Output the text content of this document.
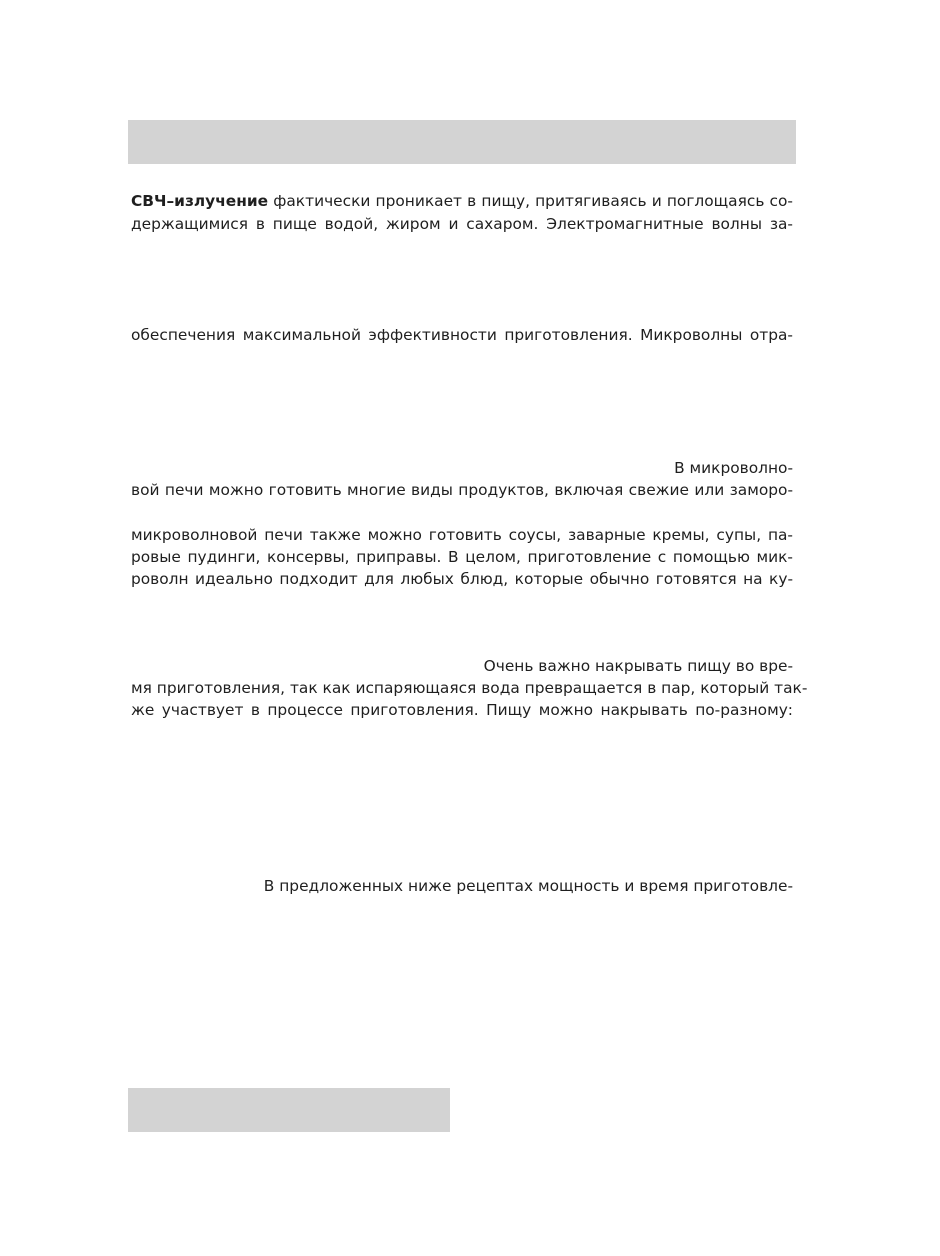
СВЧ–излучение фактически проникает в пищу, притягиваясь и поглощаясь со-
держащимися в пище водой, жиром и сахаром. Электромагнитные волны за-
обеспечения максимальной эффективности приготовления. Микроволны отра-
В микроволно-
вой печи можно готовить многие виды продуктов, включая свежие или заморо-
микроволновой печи также можно готовить соусы, заварные кремы, супы, па-
ровые пудинги, консервы, приправы. В целом, приготовление с помощью мик-
роволн идеально подходит для любых блюд, которые обычно готовятся на ку-
Очень важно накрывать пищу во вре-
мя приготовления, так как испаряющаяся вода превращается в пар, который так-
же участвует в процессе приготовления. Пищу можно накрывать по-разному:
В предложенных ниже рецептах мощность и время приготовле-
